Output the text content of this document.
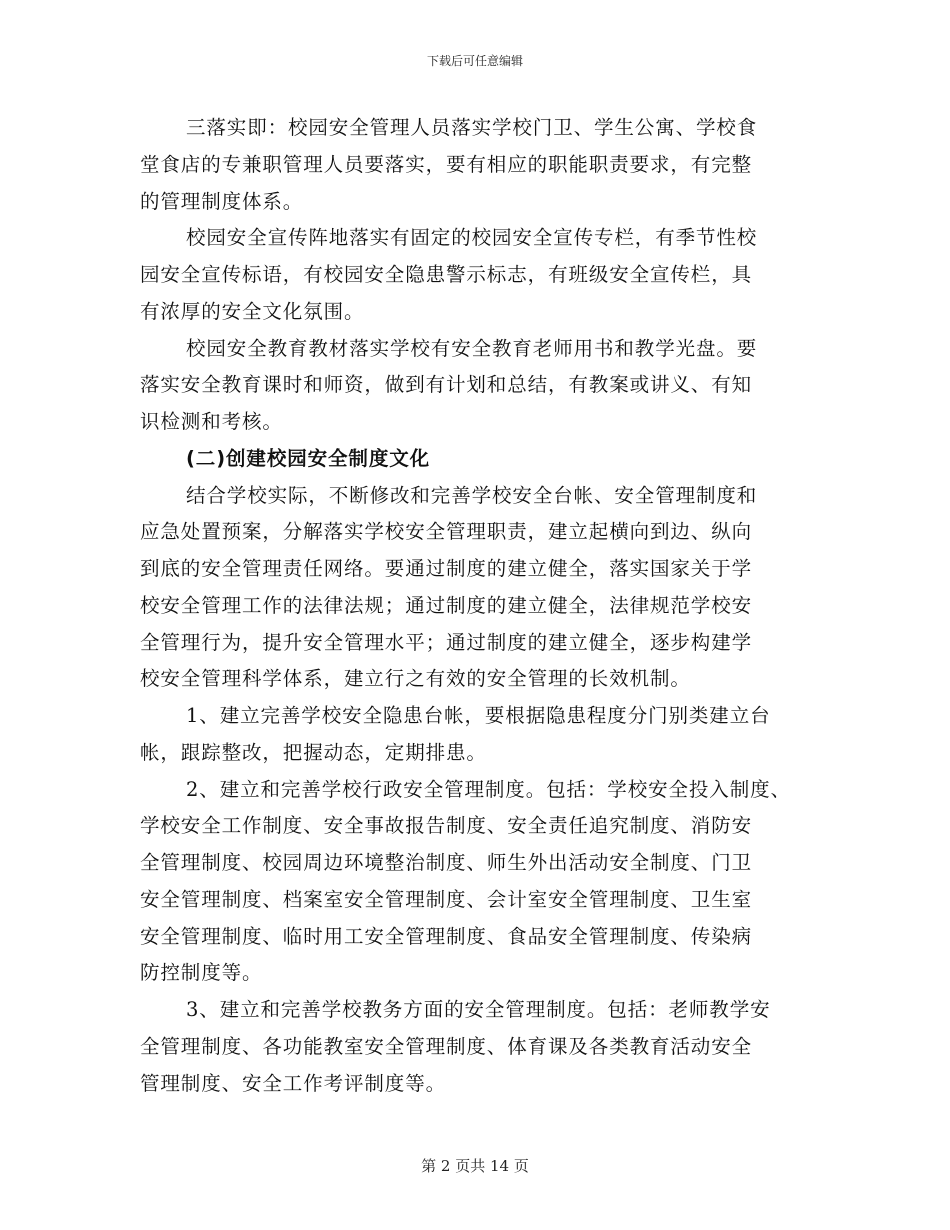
下载后可任意编辑
三落实即：校园安全管理人员落实学校门卫、学生公寓、学校食
堂食店的专兼职管理人员要落实，要有相应的职能职责要求，有完整
的管理制度体系。
校园安全宣传阵地落实有固定的校园安全宣传专栏，有季节性校
园安全宣传标语，有校园安全隐患警示标志，有班级安全宣传栏，具
有浓厚的安全文化氛围。
校园安全教育教材落实学校有安全教育老师用书和教学光盘。要
落实安全教育课时和师资，做到有计划和总结，有教案或讲义、有知
识检测和考核。
(二)创建校园安全制度文化
结合学校实际，不断修改和完善学校安全台帐、安全管理制度和
应急处置预案，分解落实学校安全管理职责，建立起横向到边、纵向
到底的安全管理责任网络。要通过制度的建立健全，落实国家关于学
校安全管理工作的法律法规；通过制度的建立健全，法律规范学校安
全管理行为，提升安全管理水平；通过制度的建立健全，逐步构建学
校安全管理科学体系，建立行之有效的安全管理的长效机制。
1、建立完善学校安全隐患台帐，要根据隐患程度分门别类建立台
帐，跟踪整改，把握动态，定期排患。
2、建立和完善学校行政安全管理制度。包括：学校安全投入制度、
学校安全工作制度、安全事故报告制度、安全责任追究制度、消防安
全管理制度、校园周边环境整治制度、师生外出活动安全制度、门卫
安全管理制度、档案室安全管理制度、会计室安全管理制度、卫生室
安全管理制度、临时用工安全管理制度、食品安全管理制度、传染病
防控制度等。
3、建立和完善学校教务方面的安全管理制度。包括：老师教学安
全管理制度、各功能教室安全管理制度、体育课及各类教育活动安全
管理制度、安全工作考评制度等。
第 2 页共 14 页
